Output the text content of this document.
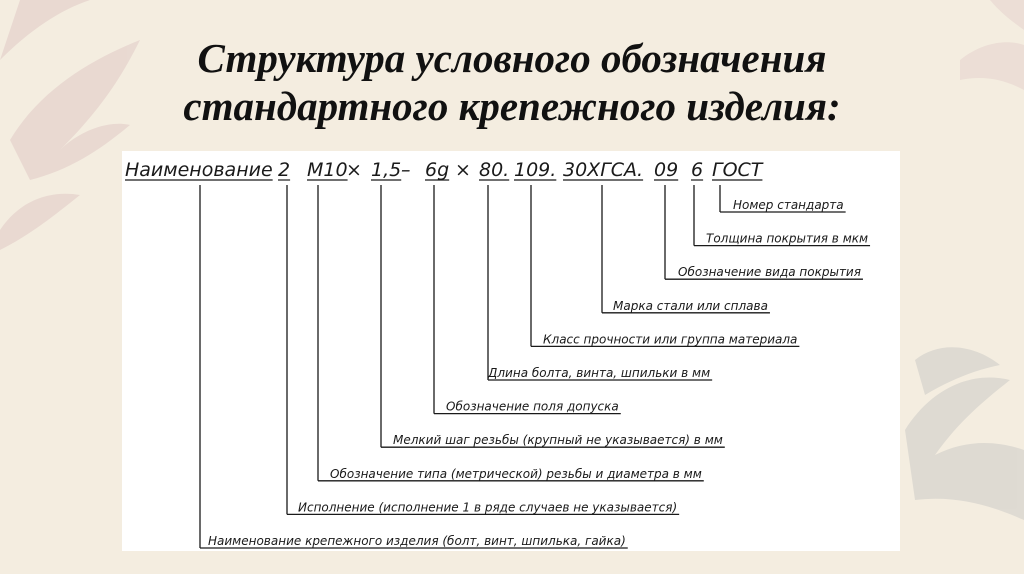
Структура условного обозначения
стандартного крепежного изделия:
Наименование 2 М10
× 1,5 – 6g × 80. 109. 30ХГСА. 09 6 ГОСТ
Номер стандарта
Толщина покрытия в мкм
Обозначение вида покрытия
Марка стали или сплава
Класс прочности или группа материала
Длина болта, винта, шпильки в мм
Обозначение поля допуска
Мелкий шаг резьбы (крупный не указывается) в мм
Обозначение типа (метрической) резьбы и диаметра в мм
Исполнение (исполнение 1 в ряде случаев не указывается)
Наименование крепежного изделия (болт, винт, шпилька, гайка)
